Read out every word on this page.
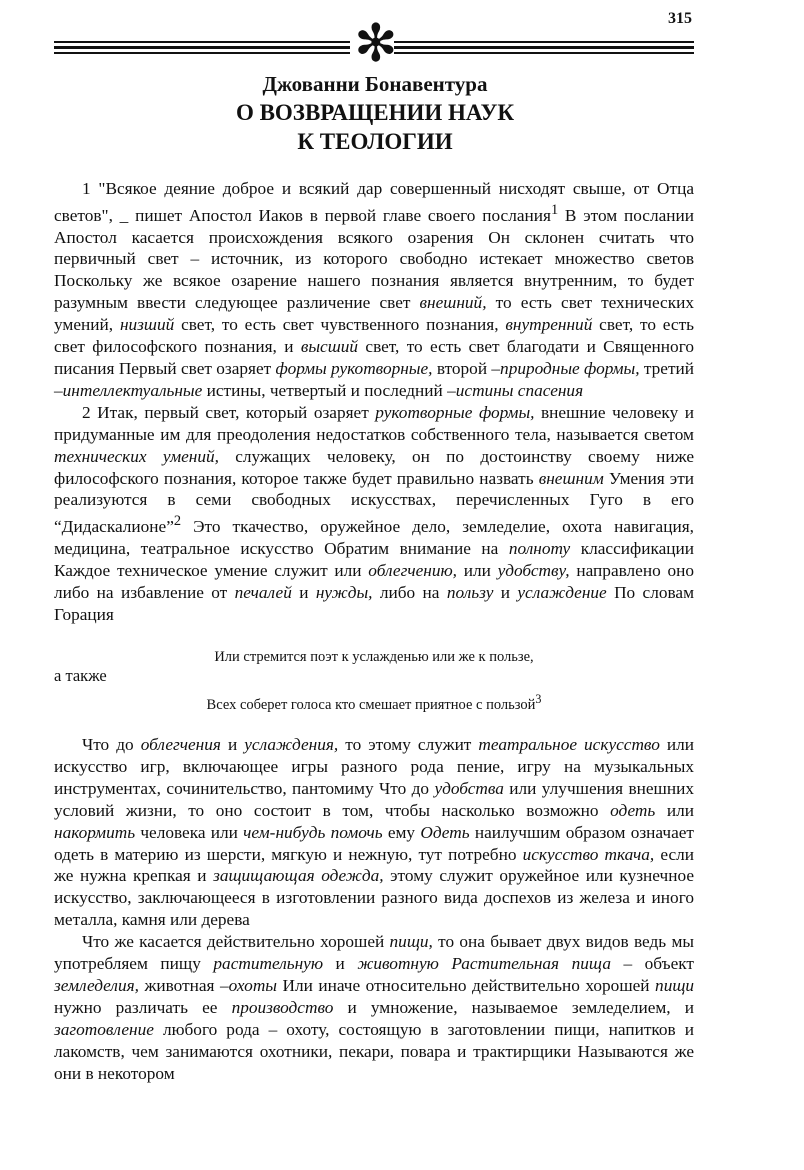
315
✻
Джованни Бонавентура
О ВОЗВРАЩЕНИИ НАУК
К ТЕОЛОГИИ

1 "Всякое деяние доброе и всякий дар совершенный нисходят свыше, от Отца светов", _ пишет Апостол Иаков в первой главе своего послания$^1$ В этом послании Апостол касается происхождения всякого озарения Он склонен считать что первичный свет – источник, из которого свободно истекает множество светов Поскольку же всякое озарение нашего познания является внутренним, то будет разумным ввести следующее различение свет внешний, то есть свет технических умений, низший свет, то есть свет чувственного познания, внутренний свет, то есть свет философского познания, и высший свет, то есть свет благодати и Священного писания Первый свет озаряет формы рукотворные, второй –природные формы, третий –интеллектуальные истины, четвертый и последний –истины спасения

2 Итак, первый свет, который озаряет рукотворные формы, внешние человеку и придуманные им для преодоления недостатков собственного тела, называется светом технических умений, служащих человеку, он по достоинству своему ниже философского познания, которое также будет правильно назвать внешним Умения эти реализуются в семи свободных искусствах, перечисленных Гуго в его “Дидаскалионе”$^2$ Это ткачество, оружейное дело, земледелие, охота навигация, медицина, театральное искусство Обратим внимание на полноту классификации Каждое техническое умение служит или облегчению, или удобству, направлено оно либо на избавление от печалей и нужды, либо на пользу и услаждение По словам Горация

Или стремится поэт к услажденью или же к пользе,
а также
Всех соберет голоса кто смешает приятное с пользой$^3$

Что до облегчения и услаждения, то этому служит театральное искусство или искусство игр, включающее игры разного рода пение, игру на музыкальных инструментах, сочинительство, пантомиму Что до удобства или улучшения внешних условий жизни, то оно состоит в том, чтобы насколько возможно одеть или накормить человека или чем-нибудь помочь ему Одеть наилучшим образом означает одеть в материю из шерсти, мягкую и нежную, тут потребно искусство ткача, если же нужна крепкая и защищающая одежда, этому служит оружейное или кузнечное искусство, заключающееся в изготовлении разного вида доспехов из железа и иного металла, камня или дерева

Что же касается действительно хорошей пищи, то она бывает двух видов ведь мы употребляем пищу растительную и животную Растительная пища – объект земледелия, животная –охоты Или иначе относительно действительно хорошей пищи нужно различать ее производство и умножение, называемое земледелием, и заготовление любого рода – охоту, состоящую в заготовлении пищи, напитков и лакомств, чем занимаются охотники, пекари, повара и трактирщики Называются же они в некотором
